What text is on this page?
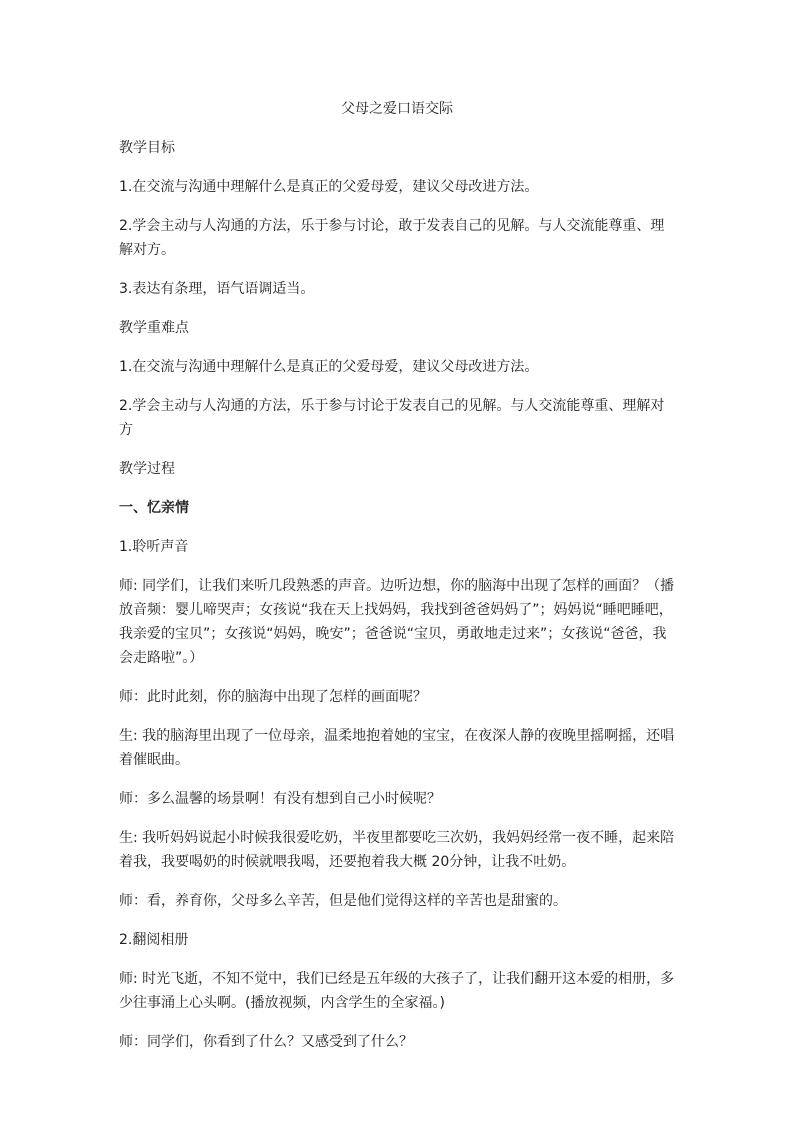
父母之爱口语交际

教学目标

1.在交流与沟通中理解什么是真正的父爱母爱，建议父母改进方法。

2.学会主动与人沟通的方法，乐于参与讨论，敢于发表自己的见解。与人交流能尊重、理解对方。

3.表达有条理，语气语调适当。

教学重难点

1.在交流与沟通中理解什么是真正的父爱母爱，建议父母改进方法。

2.学会主动与人沟通的方法，乐于参与讨论于发表自己的见解。与人交流能尊重、理解对方

教学过程

一、忆亲情

1.聆听声音

师: 同学们，让我们来听几段熟悉的声音。边听边想，你的脑海中出现了怎样的画面？（播放音频：婴儿啼哭声；女孩说“我在天上找妈妈，我找到爸爸妈妈了”；妈妈说“睡吧睡吧，我亲爱的宝贝”；女孩说“妈妈，晚安”；爸爸说“宝贝，勇敢地走过来”；女孩说“爸爸，我会走路啦”。）

师：此时此刻，你的脑海中出现了怎样的画面呢？

生: 我的脑海里出现了一位母亲，温柔地抱着她的宝宝，在夜深人静的夜晚里摇啊摇，还唱着催眠曲。

师：多么温馨的场景啊！有没有想到自己小时候呢？

生: 我听妈妈说起小时候我很爱吃奶，半夜里都要吃三次奶，我妈妈经常一夜不睡，起来陪着我，我要喝奶的时候就喂我喝，还要抱着我大概 20分钟，让我不吐奶。

师：看，养育你，父母多么辛苦，但是他们觉得这样的辛苦也是甜蜜的。

2.翻阅相册

师: 时光飞逝，不知不觉中，我们已经是五年级的大孩子了，让我们翻开这本爱的相册，多少往事涌上心头啊。(播放视频，内含学生的全家福。)

师：同学们，你看到了什么？又感受到了什么？
